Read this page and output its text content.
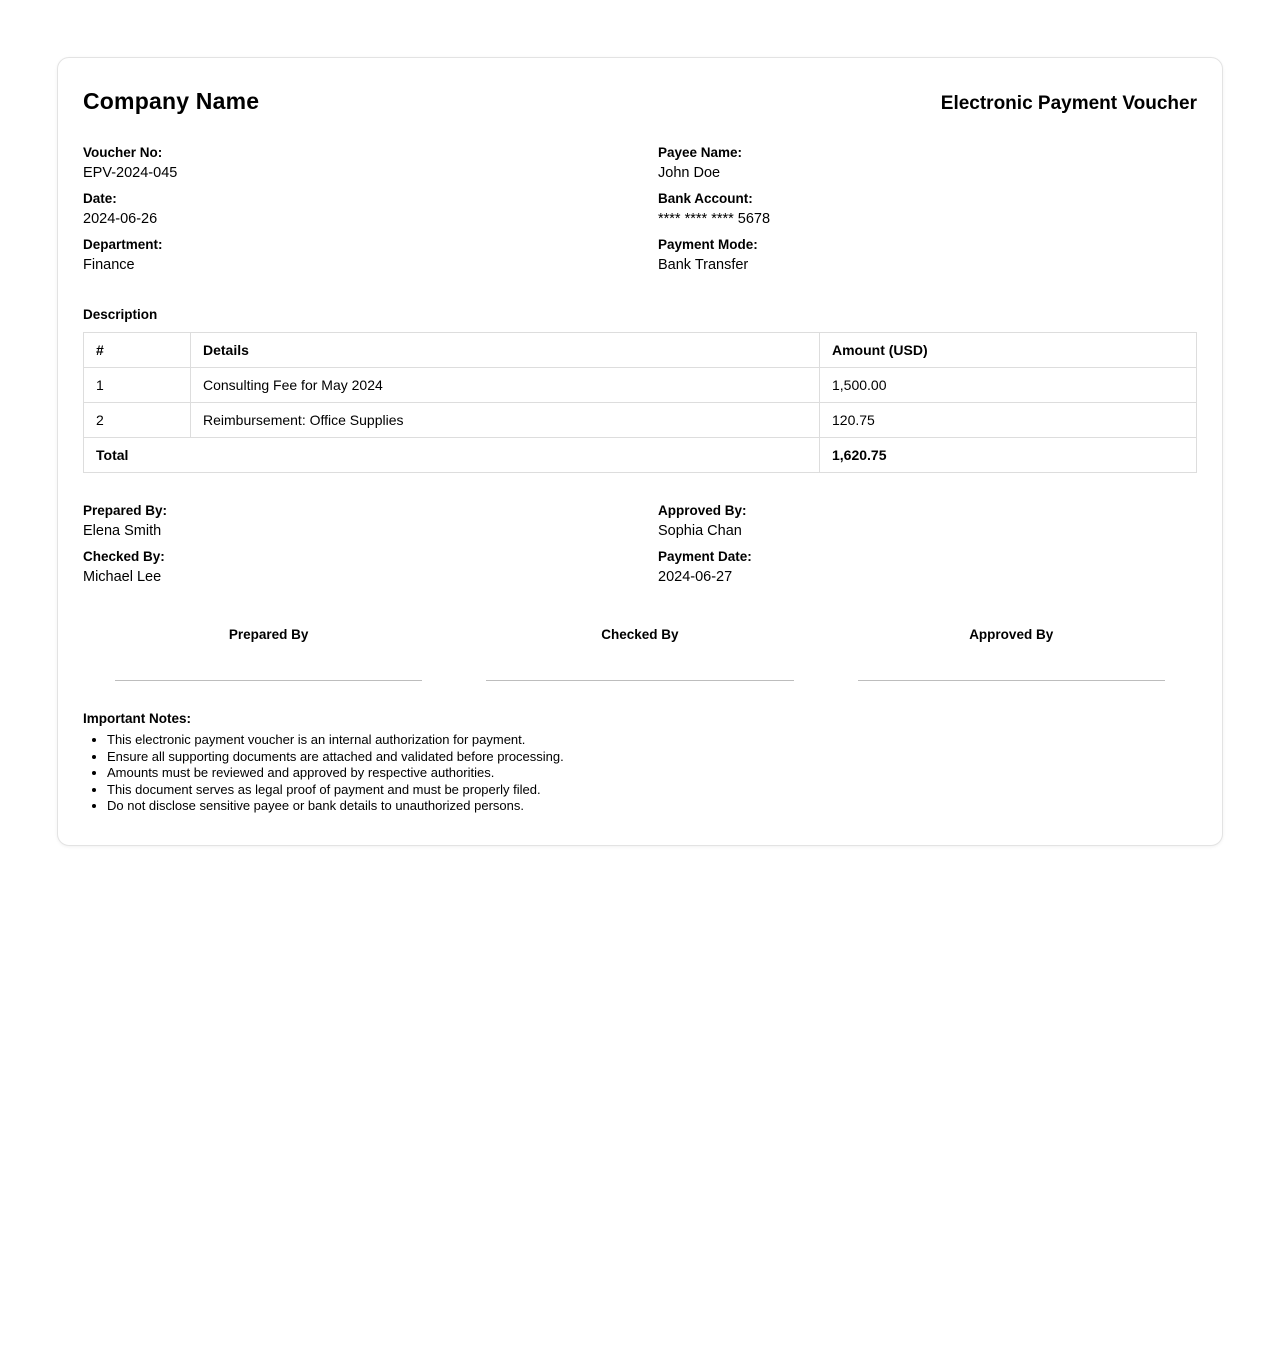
Company Name	Electronic Payment Voucher
Voucher No:
EPV-2024-045
Date:
2024-06-26
Department:
Finance
Payee Name:
John Doe
Bank Account:
**** **** **** 5678
Payment Mode:
Bank Transfer
Description
#	Details	Amount (USD)
1	Consulting Fee for May 2024	1,500.00
2	Reimbursement: Office Supplies	120.75
Total		1,620.75
Prepared By:
Elena Smith
Checked By:
Michael Lee
Approved By:
Sophia Chan
Payment Date:
2024-06-27
Prepared By	Checked By	Approved By
Important Notes:
• This electronic payment voucher is an internal authorization for payment.
• Ensure all supporting documents are attached and validated before processing.
• Amounts must be reviewed and approved by respective authorities.
• This document serves as legal proof of payment and must be properly filed.
• Do not disclose sensitive payee or bank details to unauthorized persons.
